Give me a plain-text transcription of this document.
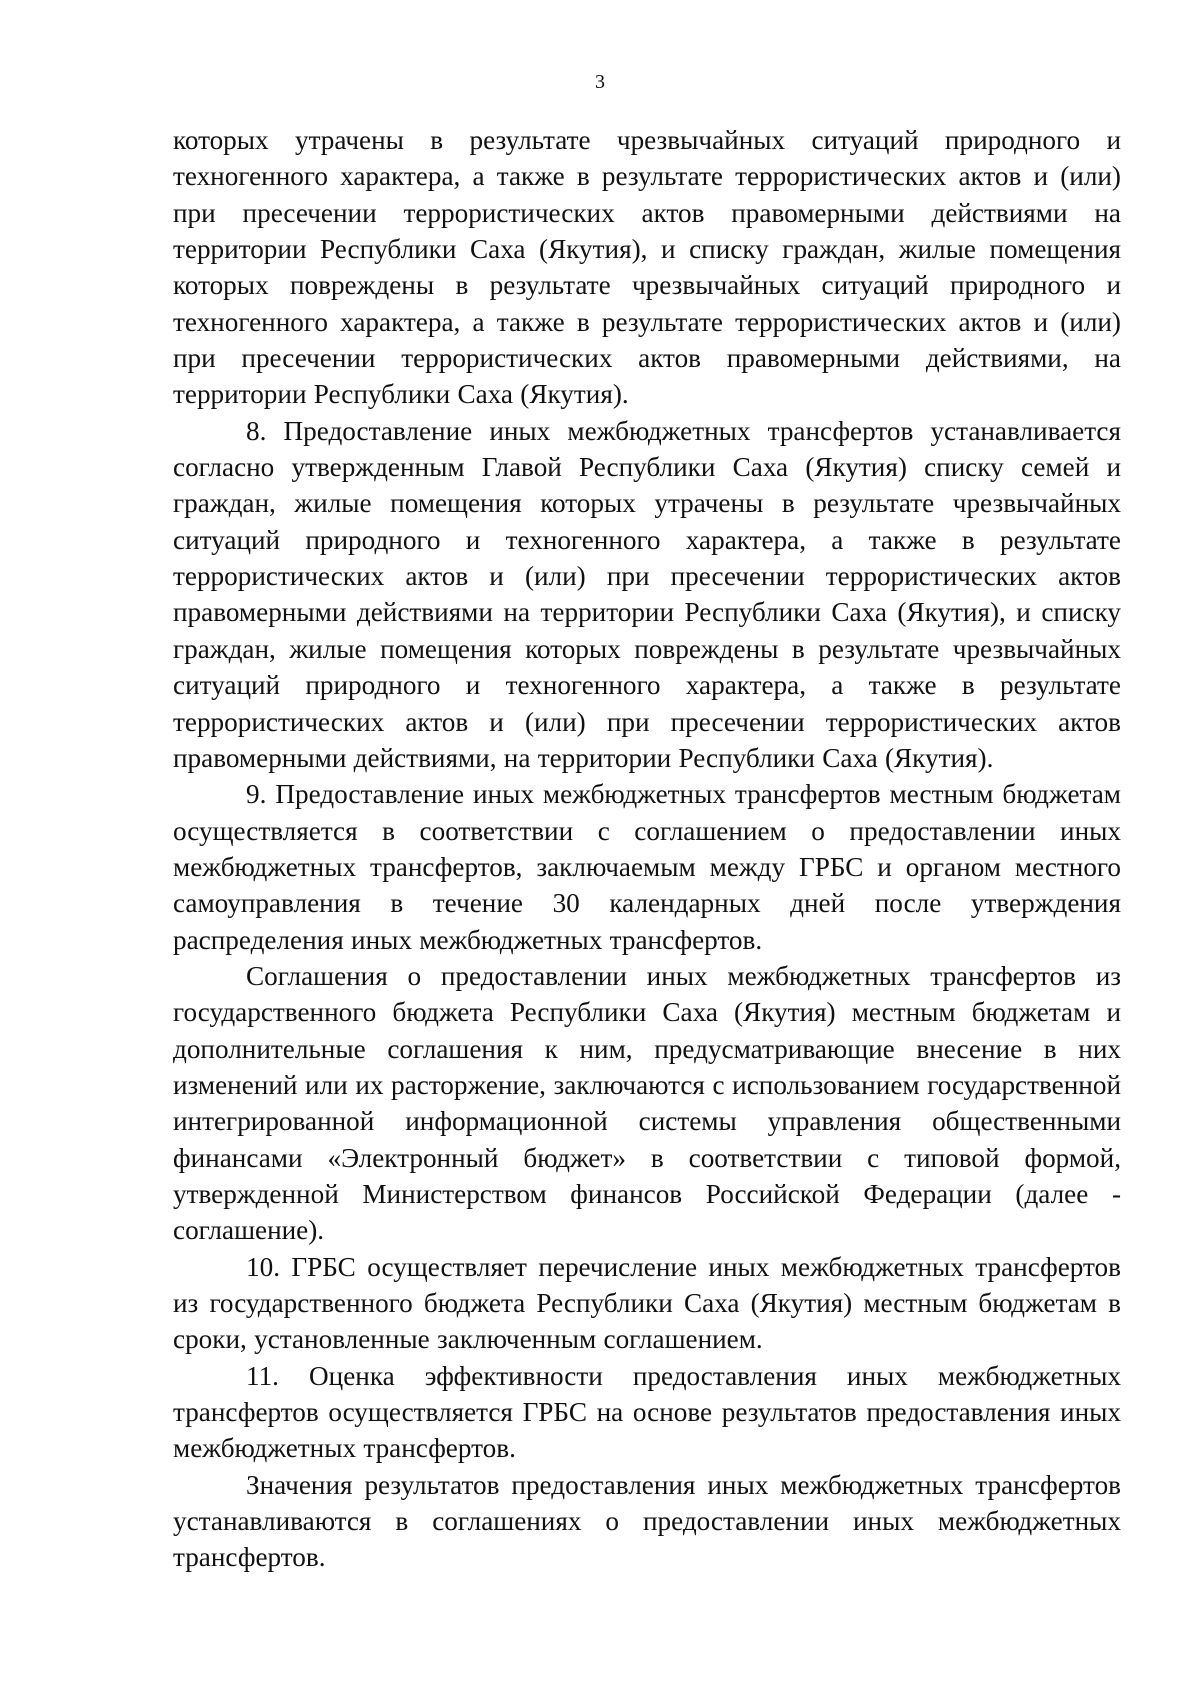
3

которых утрачены в результате чрезвычайных ситуаций природного и техногенного характера, а также в результате террористических актов и (или) при пресечении террористических актов правомерными действиями на территории Республики Саха (Якутия), и списку граждан, жилые помещения которых повреждены в результате чрезвычайных ситуаций природного и техногенного характера, а также в результате террористических актов и (или) при пресечении террористических актов правомерными действиями, на территории Республики Саха (Якутия).

8. Предоставление иных межбюджетных трансфертов устанавливается согласно утвержденным Главой Республики Саха (Якутия) списку семей и граждан, жилые помещения которых утрачены в результате чрезвычайных ситуаций природного и техногенного характера, а также в результате террористических актов и (или) при пресечении террористических актов правомерными действиями на территории Республики Саха (Якутия), и списку граждан, жилые помещения которых повреждены в результате чрезвычайных ситуаций природного и техногенного характера, а также в результате террористических актов и (или) при пресечении террористических актов правомерными действиями, на территории Республики Саха (Якутия).

9. Предоставление иных межбюджетных трансфертов местным бюджетам осуществляется в соответствии с соглашением о предоставлении иных межбюджетных трансфертов, заключаемым между ГРБС и органом местного самоуправления в течение 30 календарных дней после утверждения распределения иных межбюджетных трансфертов.

Соглашения о предоставлении иных межбюджетных трансфертов из государственного бюджета Республики Саха (Якутия) местным бюджетам и дополнительные соглашения к ним, предусматривающие внесение в них изменений или их расторжение, заключаются с использованием государственной интегрированной информационной системы управления общественными финансами «Электронный бюджет» в соответствии с типовой формой, утвержденной Министерством финансов Российской Федерации (далее - соглашение).

10. ГРБС осуществляет перечисление иных межбюджетных трансфертов из государственного бюджета Республики Саха (Якутия) местным бюджетам в сроки, установленные заключенным соглашением.

11. Оценка эффективности предоставления иных межбюджетных трансфертов осуществляется ГРБС на основе результатов предоставления иных межбюджетных трансфертов.

Значения результатов предоставления иных межбюджетных трансфертов устанавливаются в соглашениях о предоставлении иных межбюджетных трансфертов.
